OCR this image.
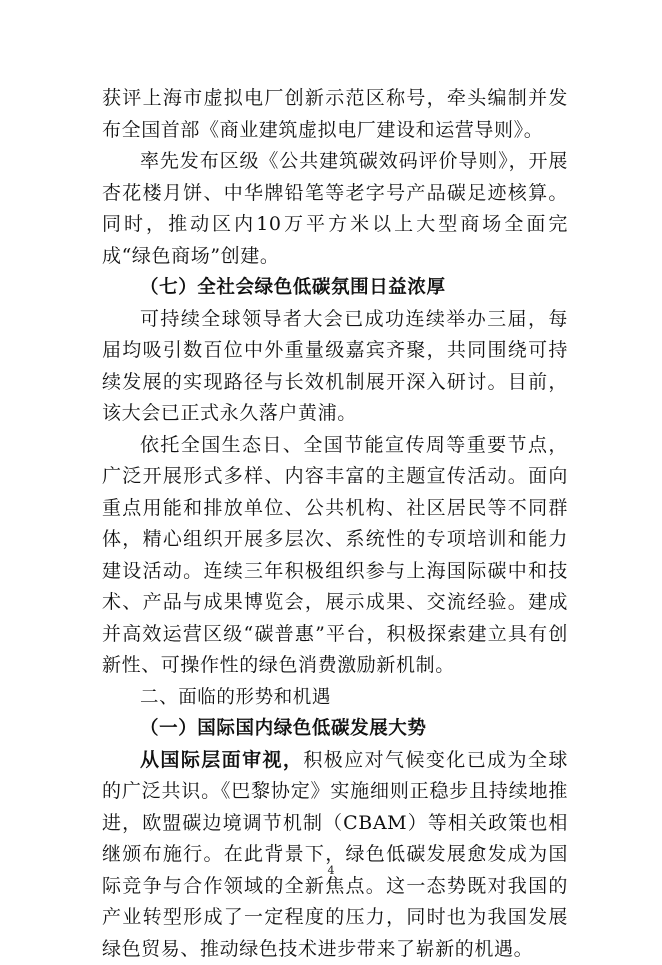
获评上海市虚拟电厂创新示范区称号，牵头编制并发布全国首部《商业建筑虚拟电厂建设和运营导则》。

率先发布区级《公共建筑碳效码评价导则》，开展杏花楼月饼、中华牌铅笔等老字号产品碳足迹核算。同时，推动区内10万平方米以上大型商场全面完成“绿色商场”创建。

（七）全社会绿色低碳氛围日益浓厚

可持续全球领导者大会已成功连续举办三届，每届均吸引数百位中外重量级嘉宾齐聚，共同围绕可持续发展的实现路径与长效机制展开深入研讨。目前，该大会已正式永久落户黄浦。

依托全国生态日、全国节能宣传周等重要节点，广泛开展形式多样、内容丰富的主题宣传活动。面向重点用能和排放单位、公共机构、社区居民等不同群体，精心组织开展多层次、系统性的专项培训和能力建设活动。连续三年积极组织参与上海国际碳中和技术、产品与成果博览会，展示成果、交流经验。建成并高效运营区级“碳普惠”平台，积极探索建立具有创新性、可操作性的绿色消费激励新机制。

二、面临的形势和机遇

（一）国际国内绿色低碳发展大势

从国际层面审视，积极应对气候变化已成为全球的广泛共识。《巴黎协定》实施细则正稳步且持续地推进，欧盟碳边境调节机制（CBAM）等相关政策也相继颁布施行。在此背景下，绿色低碳发展愈发成为国际竞争与合作领域的全新焦点。这一态势既对我国的产业转型形成了一定程度的压力，同时也为我国发展绿色贸易、推动绿色技术进步带来了崭新的机遇。

4
